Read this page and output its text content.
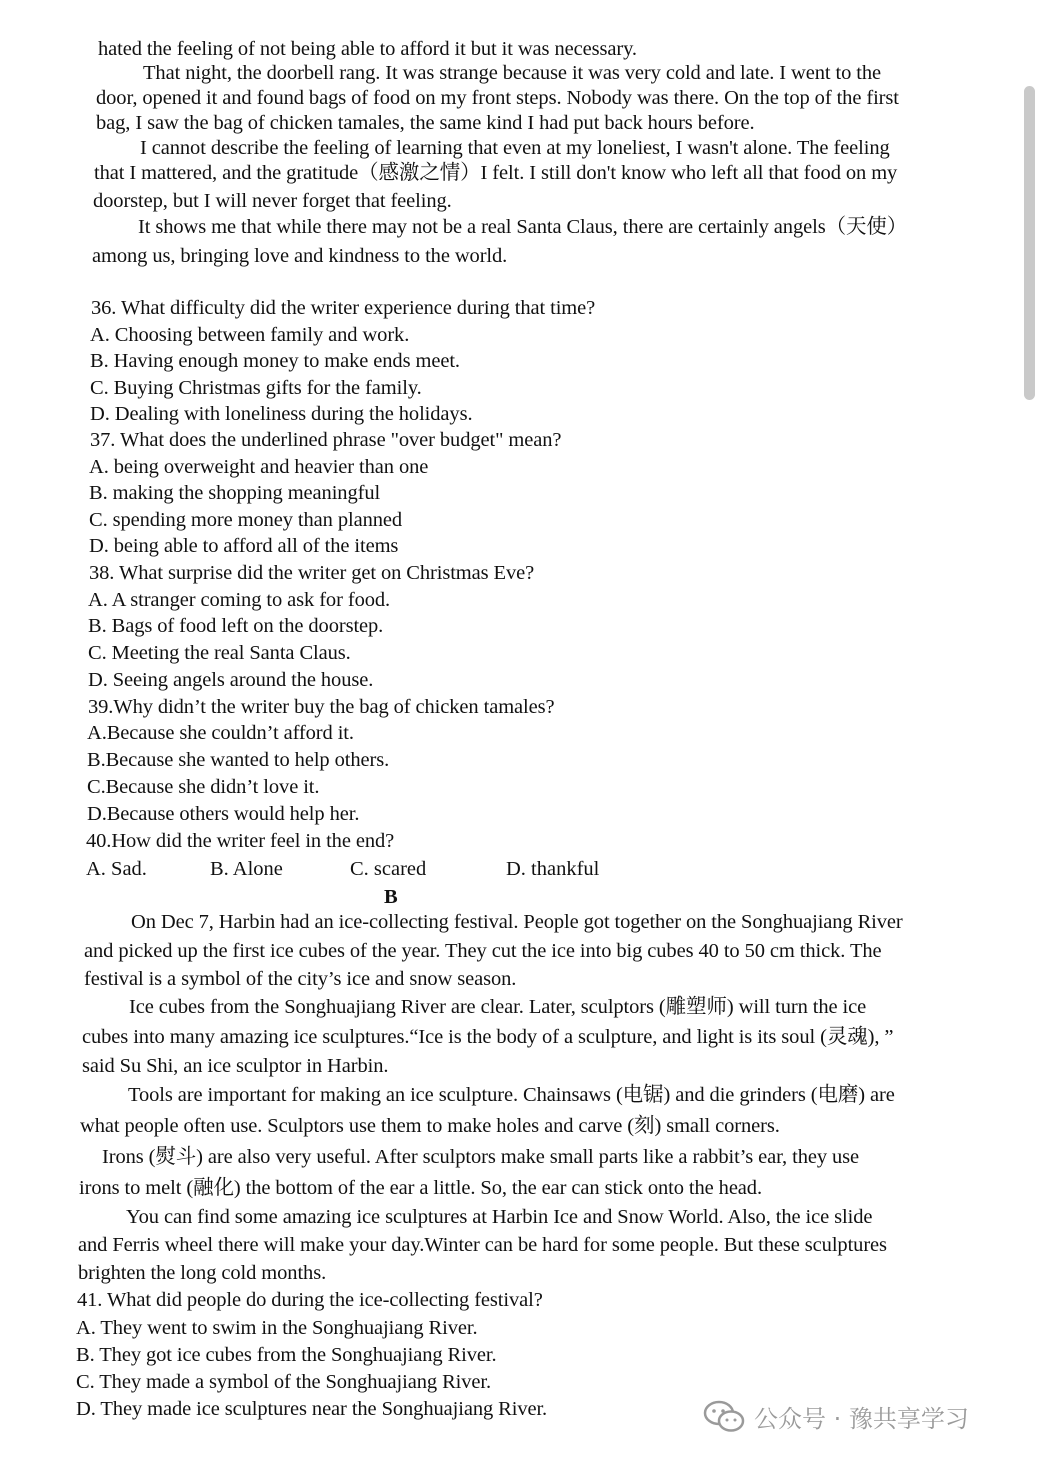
hated the feeling of not being able to afford it but it was necessary.
That night, the doorbell rang. It was strange because it was very cold and late. I went to the
door, opened it and found bags of food on my front steps. Nobody was there. On the top of the first
bag, I saw the bag of chicken tamales, the same kind I had put back hours before.
I cannot describe the feeling of learning that even at my loneliest, I wasn't alone. The feeling
that I mattered, and the gratitude（感激之情）I felt. I still don't know who left all that food on my
doorstep, but I will never forget that feeling.
It shows me that while there may not be a real Santa Claus, there are certainly angels（天使）
among us, bringing love and kindness to the world.
36. What difficulty did the writer experience during that time?
A. Choosing between family and work.
B. Having enough money to make ends meet.
C. Buying Christmas gifts for the family.
D. Dealing with loneliness during the holidays.
37. What does the underlined phrase "over budget" mean?
A. being overweight and heavier than one
B. making the shopping meaningful
C. spending more money than planned
D. being able to afford all of the items
38. What surprise did the writer get on Christmas Eve?
A. A stranger coming to ask for food.
B. Bags of food left on the doorstep.
C. Meeting the real Santa Claus.
D. Seeing angels around the house.
39.Why didn’t the writer buy the bag of chicken tamales?
A.Because she couldn’t afford it.
B.Because she wanted to help others.
C.Because she didn’t love it.
D.Because others would help her.
40.How did the writer feel in the end?
A. Sad.	B. Alone	C. scared	D. thankful
B
On Dec 7, Harbin had an ice-collecting festival. People got together on the Songhuajiang River
and picked up the first ice cubes of the year. They cut the ice into big cubes 40 to 50 cm thick. The
festival is a symbol of the city’s ice and snow season.
Ice cubes from the Songhuajiang River are clear. Later, sculptors (雕塑师) will turn the ice
cubes into many amazing ice sculptures.“Ice is the body of a sculpture, and light is its soul (灵魂), ”
said Su Shi, an ice sculptor in Harbin.
Tools are important for making an ice sculpture. Chainsaws (电锯) and die grinders (电磨) are
what people often use. Sculptors use them to make holes and carve (刻) small corners.
Irons (熨斗) are also very useful. After sculptors make small parts like a rabbit’s ear, they use
irons to melt (融化) the bottom of the ear a little. So, the ear can stick onto the head.
You can find some amazing ice sculptures at Harbin Ice and Snow World. Also, the ice slide
and Ferris wheel there will make your day.Winter can be hard for some people. But these sculptures
brighten the long cold months.
41. What did people do during the ice-collecting festival?
A. They went to swim in the Songhuajiang River.
B. They got ice cubes from the Songhuajiang River.
C. They made a symbol of the Songhuajiang River.
D. They made ice sculptures near the Songhuajiang River.	公众号 · 豫共享学习
